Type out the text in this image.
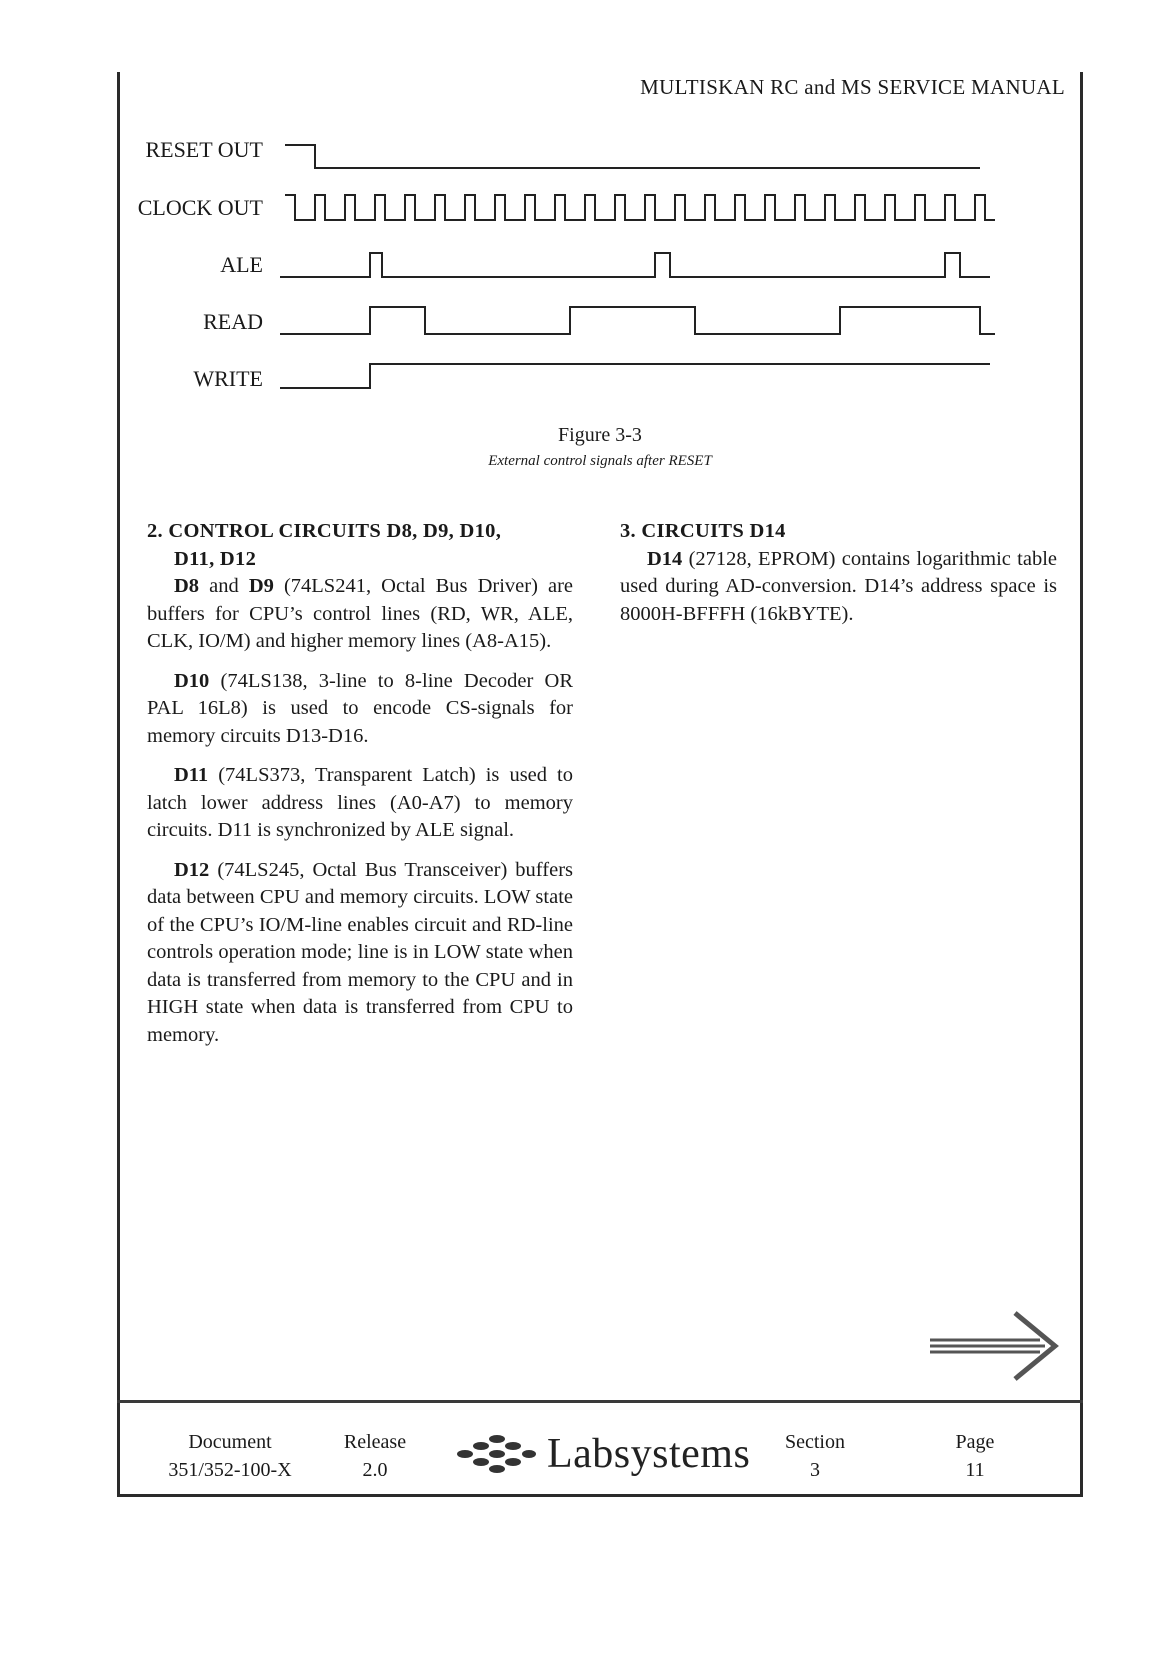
MULTISKAN RC and MS SERVICE MANUAL
RESET OUT
CLOCK OUT
ALE
READ
WRITE
Figure 3-3
External control signals after RESET
2. CONTROL CIRCUITS D8, D9, D10,
D11, D12

D8 and D9 (74LS241, Octal Bus Driver) are buffers for CPU’s control lines (RD, WR, ALE, CLK, IO/M) and higher memory lines (A8-A15).

D10 (74LS138, 3-line to 8-line Decoder OR PAL 16L8) is used to encode CS-signals for memory circuits D13-D16.

D11 (74LS373, Transparent Latch) is used to latch lower address lines (A0-A7) to memory circuits. D11 is synchronized by ALE signal.

D12 (74LS245, Octal Bus Transceiver) buffers data between CPU and memory circuits. LOW state of the CPU’s IO/M-line enables circuit and RD-line controls operation mode; line is in LOW state when data is transferred from memory to the CPU and in HIGH state when data is transferred from CPU to memory.

3. CIRCUITS D14

D14 (27128, EPROM) contains logarithmic table used during AD-conversion. D14’s address space is 8000H-BFFFH (16kBYTE).

Document
351/352-100-X
Release
2.0	Labsystems	Section
3
Page
11
